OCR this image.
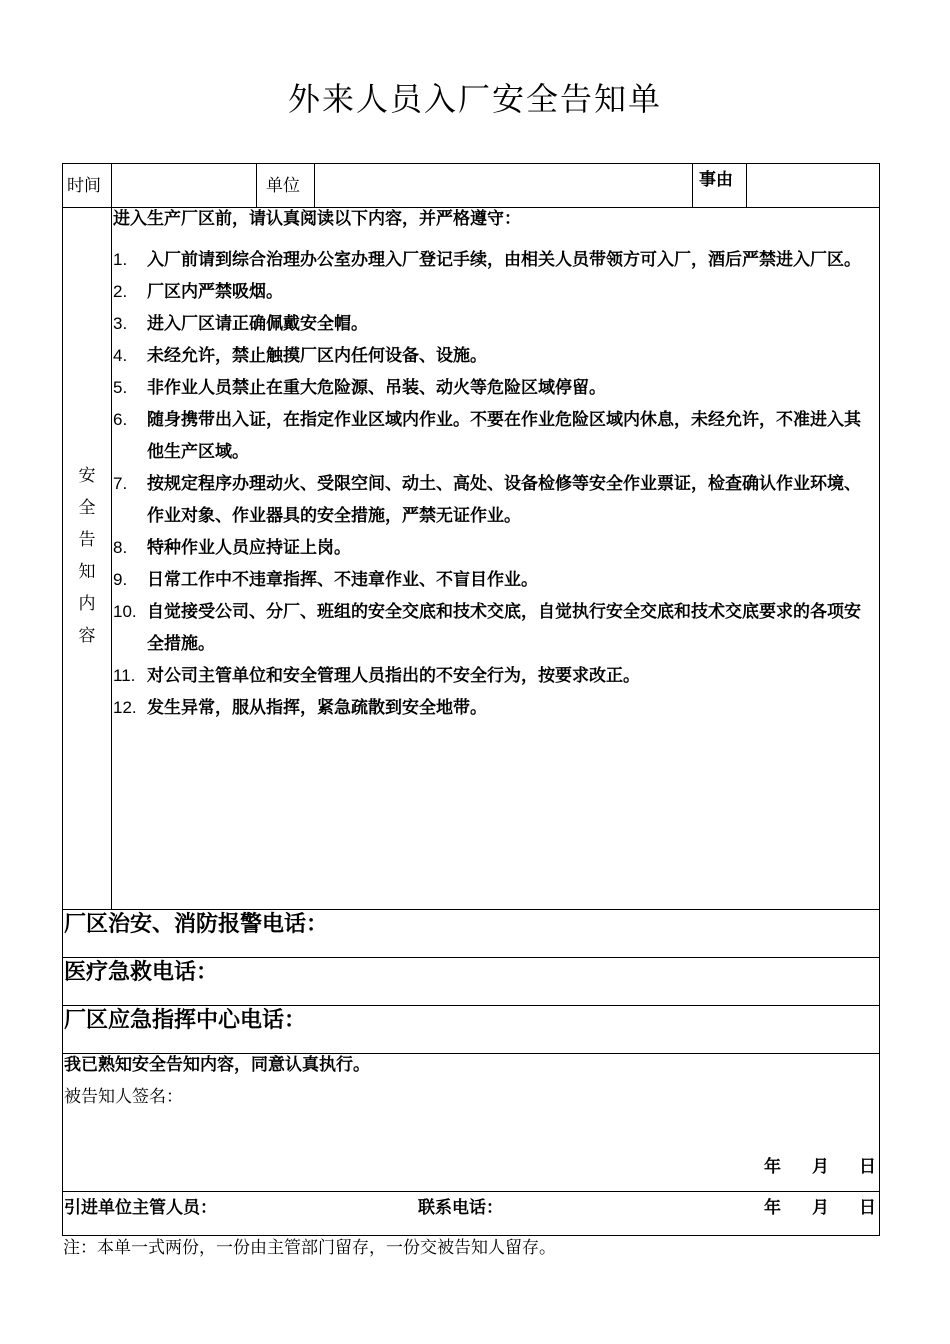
外来人员入厂安全告知单
时间	单位	事由
安
全
告
知
内
容
进入生产厂区前，请认真阅读以下内容，并严格遵守：
1. 入厂前请到综合治理办公室办理入厂登记手续，由相关人员带领方可入厂，酒后严禁进入厂区。
2. 厂区内严禁吸烟。
3. 进入厂区请正确佩戴安全帽。
4. 未经允许，禁止触摸厂区内任何设备、设施。
5. 非作业人员禁止在重大危险源、吊装、动火等危险区域停留。
6. 随身携带出入证，在指定作业区域内作业。不要在作业危险区域内休息，未经允许，不准进入其他生产区域。
7. 按规定程序办理动火、受限空间、动土、高处、设备检修等安全作业票证，检查确认作业环境、作业对象、作业器具的安全措施，严禁无证作业。
8. 特种作业人员应持证上岗。
9. 日常工作中不违章指挥、不违章作业、不盲目作业。
10. 自觉接受公司、分厂、班组的安全交底和技术交底，自觉执行安全交底和技术交底要求的各项安全措施。
11. 对公司主管单位和安全管理人员指出的不安全行为，按要求改正。
12. 发生异常，服从指挥，紧急疏散到安全地带。
厂区治安、消防报警电话：
医疗急救电话：
厂区应急指挥中心电话：
我已熟知安全告知内容，同意认真执行。
被告知人签名：
年 月 日
引进单位主管人员：	联系电话：	年 月 日
注：本单一式两份，一份由主管部门留存，一份交被告知人留存。
